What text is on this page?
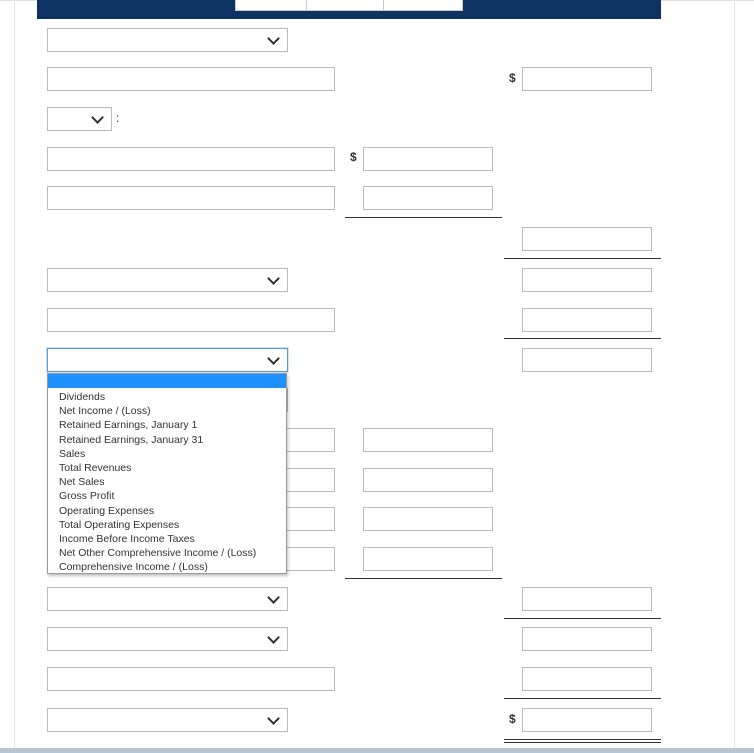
$
:
$
$
Dividends
Net Income / (Loss)
Retained Earnings, January 1
Retained Earnings, January 31
Sales
Total Revenues
Net Sales
Gross Profit
Operating Expenses
Total Operating Expenses
Income Before Income Taxes
Net Other Comprehensive Income / (Loss)
Comprehensive Income / (Loss)
